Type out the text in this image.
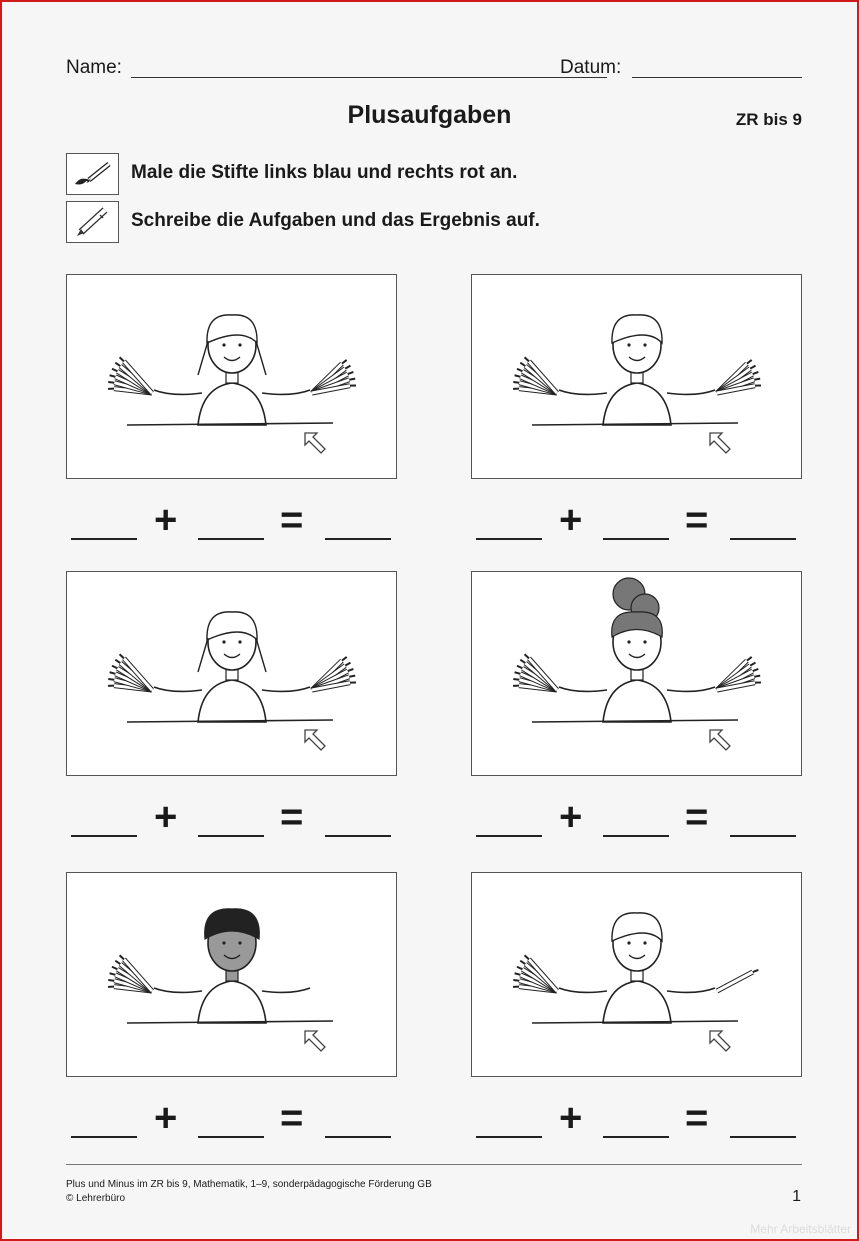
Name:	Datum:
Plusaufgaben	ZR bis 9
Male die Stifte links blau und rechts rot an.
Schreibe die Aufgaben und das Ergebnis auf.
+	=	+	=
+	=	+	=
+	=	+	=
Plus und Minus im ZR bis 9, Mathematik, 1–9, sonderpädagogische Förderung GB
© Lehrerbüro	1
Mehr Arbeitsblätter
